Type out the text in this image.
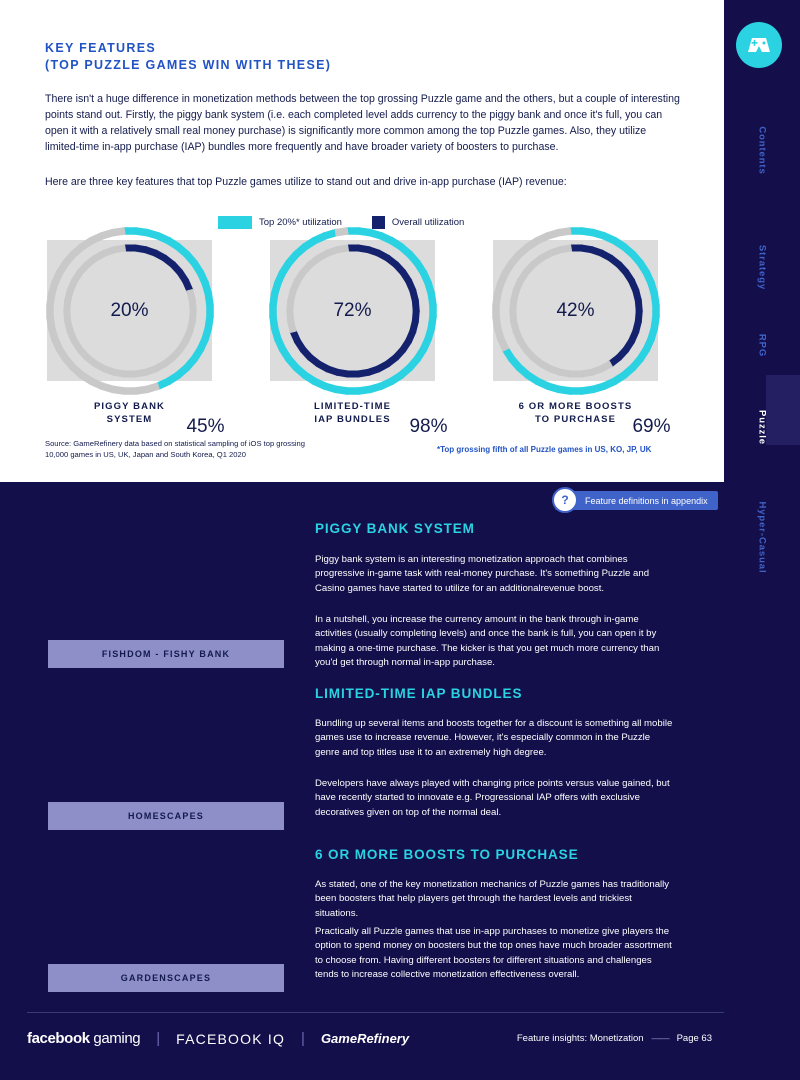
KEY FEATURES
(TOP PUZZLE GAMES WIN WITH THESE)
There isn't a huge difference in monetization methods between the top grossing Puzzle game and the others, but a couple of interesting points stand out. Firstly, the piggy bank system (i.e. each completed level adds currency to the piggy bank and once it's full, you can open it with a relatively small real money purchase) is significantly more common among the top Puzzle games. Also, they utilize limited-time in-app purchase (IAP) bundles more frequently and have broader variety of boosters to purchase.
Here are three key features that top Puzzle games utilize to stand out and drive in-app purchase (IAP) revenue:
Top 20%* utilization	Overall utilization
20%
45%
PIGGY BANK
SYSTEM
72%
98%
LIMITED-TIME
IAP BUNDLES
42%
69%
6 OR MORE BOOSTS
TO PURCHASE
Source: GameRefinery data based on statistical sampling of iOS top grossing 10,000 games in US, UK, Japan and South Korea, Q1 2020
*Top grossing fifth of all Puzzle games in US, KO, JP, UK
?	Feature definitions in appendix
PIGGY BANK SYSTEM
Piggy bank system is an interesting monetization approach that combines progressive in-game task with real-money purchase. It's something Puzzle and Casino games have started to utilize for an additionalrevenue boost.
In a nutshell, you increase the currency amount in the bank through in-game activities (usually completing levels) and once the bank is full, you can open it by making a one-time purchase. The kicker is that you get much more currency than you'd get through normal in-app purchase.
FISHDOM - FISHY BANK
LIMITED-TIME IAP BUNDLES
Bundling up several items and boosts together for a discount is something all mobile games use to increase revenue. However, it's especially common in the Puzzle genre and top titles use it to an extremely high degree.
Developers have always played with changing price points versus value gained, but have recently started to innovate e.g. Progressional IAP offers with exclusive decoratives given on top of the normal deal.
HOMESCAPES
6 OR MORE BOOSTS TO PURCHASE
As stated, one of the key monetization mechanics of Puzzle games has traditionally been boosters that help players get through the hardest levels and trickiest situations.
Practically all Puzzle games that use in-app purchases to monetize give players the option to spend money on boosters but the top ones have much broader assortment to choose from. Having different boosters for different situations and challenges tends to increase collective monetization effectiveness overall.
GARDENSCAPES
Contents
Strategy
RPG
Puzzle
Hyper-Casual
facebook gaming | FACEBOOK IQ | GameRefinery	Feature insights: Monetization —— Page 63
